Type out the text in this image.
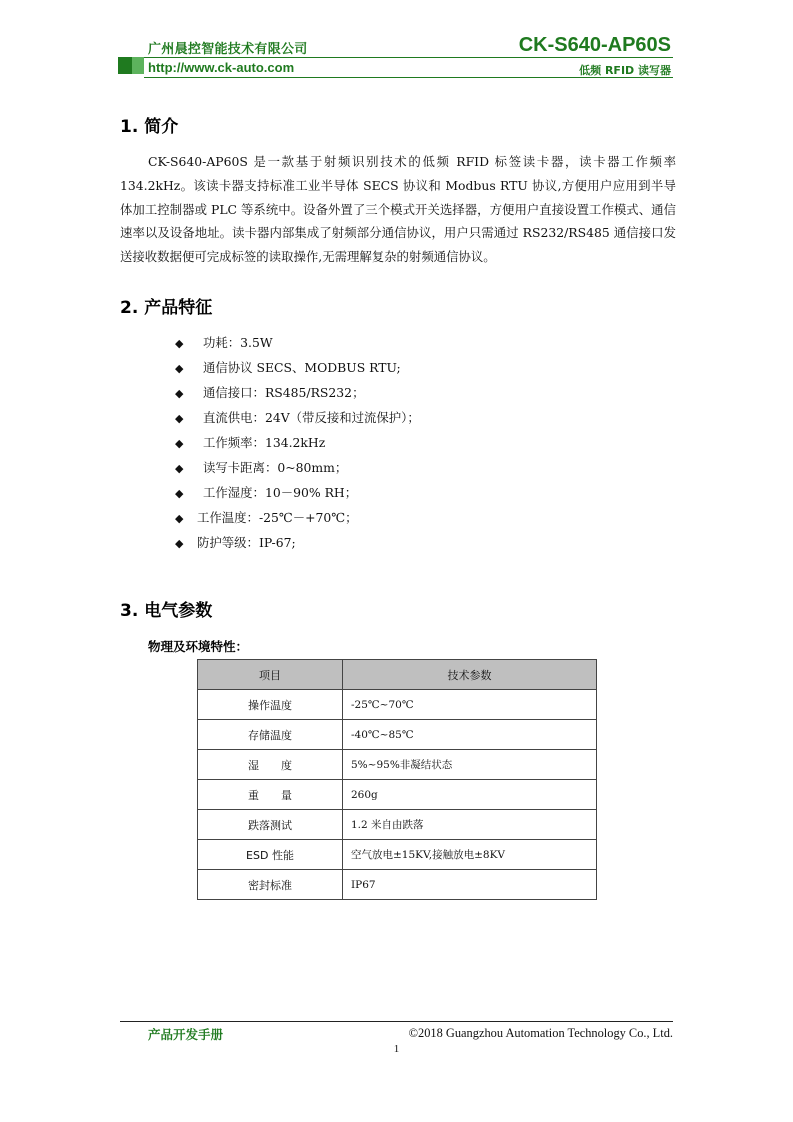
广州晨控智能技术有限公司	CK-S640-AP60S
http://www.ck-auto.com	低频 RFID 读写器
1. 简介
CK-S640-AP60S 是一款基于射频识别技术的低频 RFID 标签读卡器，读卡器工作频率 134.2kHz。该读卡器支持标准工业半导体 SECS 协议和 Modbus RTU 协议,方便用户应用到半导体加工控制器或 PLC 等系统中。设备外置了三个模式开关选择器，方便用户直接设置工作模式、通信速率以及设备地址。读卡器内部集成了射频部分通信协议，用户只需通过 RS232/RS485 通信接口发送接收数据便可完成标签的读取操作,无需理解复杂的射频通信协议。
2. 产品特征
◆ 功耗：3.5W
◆ 通信协议 SECS、MODBUS RTU;
◆ 通信接口：RS485/RS232；
◆ 直流供电：24V（带反接和过流保护）；
◆ 工作频率：134.2kHz
◆ 读写卡距离：0~80mm；
◆ 工作湿度：10－90% RH；
◆ 工作温度：-25℃－+70℃；
◆ 防护等级：IP-67;
3. 电气参数
物理及环境特性：
项目	技术参数
操作温度	-25℃~70℃
存储温度	-40℃~85℃
湿　　度	5%~95%非凝结状态
重　　量	260g
跌落测试	1.2 米自由跌落
ESD 性能	空气放电±15KV,接触放电±8KV
密封标准	IP67
产品开发手册	©2018 Guangzhou Automation Technology Co., Ltd.
1
